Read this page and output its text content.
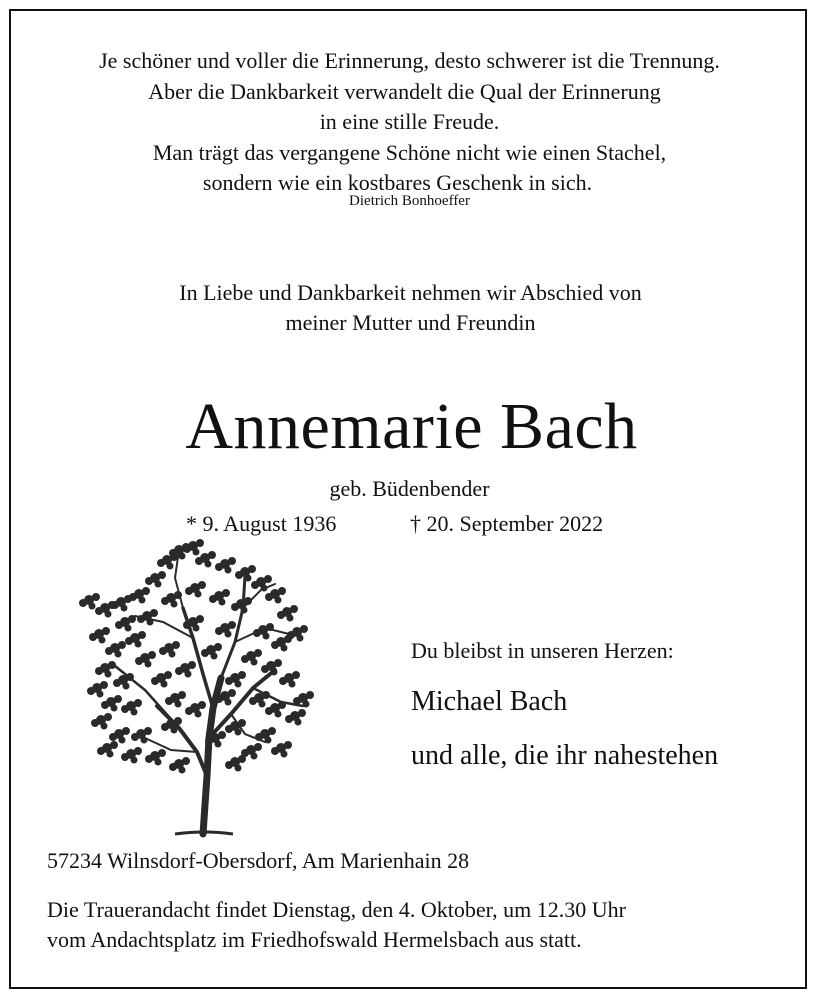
Je schöner und voller die Erinnerung, desto schwerer ist die Trennung.
Aber die Dankbarkeit verwandelt die Qual der Erinnerung
in eine stille Freude.
Man trägt das vergangene Schöne nicht wie einen Stachel,
sondern wie ein kostbares Geschenk in sich.
Dietrich Bonhoeffer
In Liebe und Dankbarkeit nehmen wir Abschied von
meiner Mutter und Freundin
Annemarie Bach
geb. Büdenbender
* 9. August 1936	† 20. September 2022
Du bleibst in unseren Herzen:
Michael Bach
und alle, die ihr nahestehen
57234 Wilnsdorf-Obersdorf, Am Marienhain 28
Die Trauerandacht findet Dienstag, den 4. Oktober, um 12.30 Uhr
vom Andachtsplatz im Friedhofswald Hermelsbach aus statt.
